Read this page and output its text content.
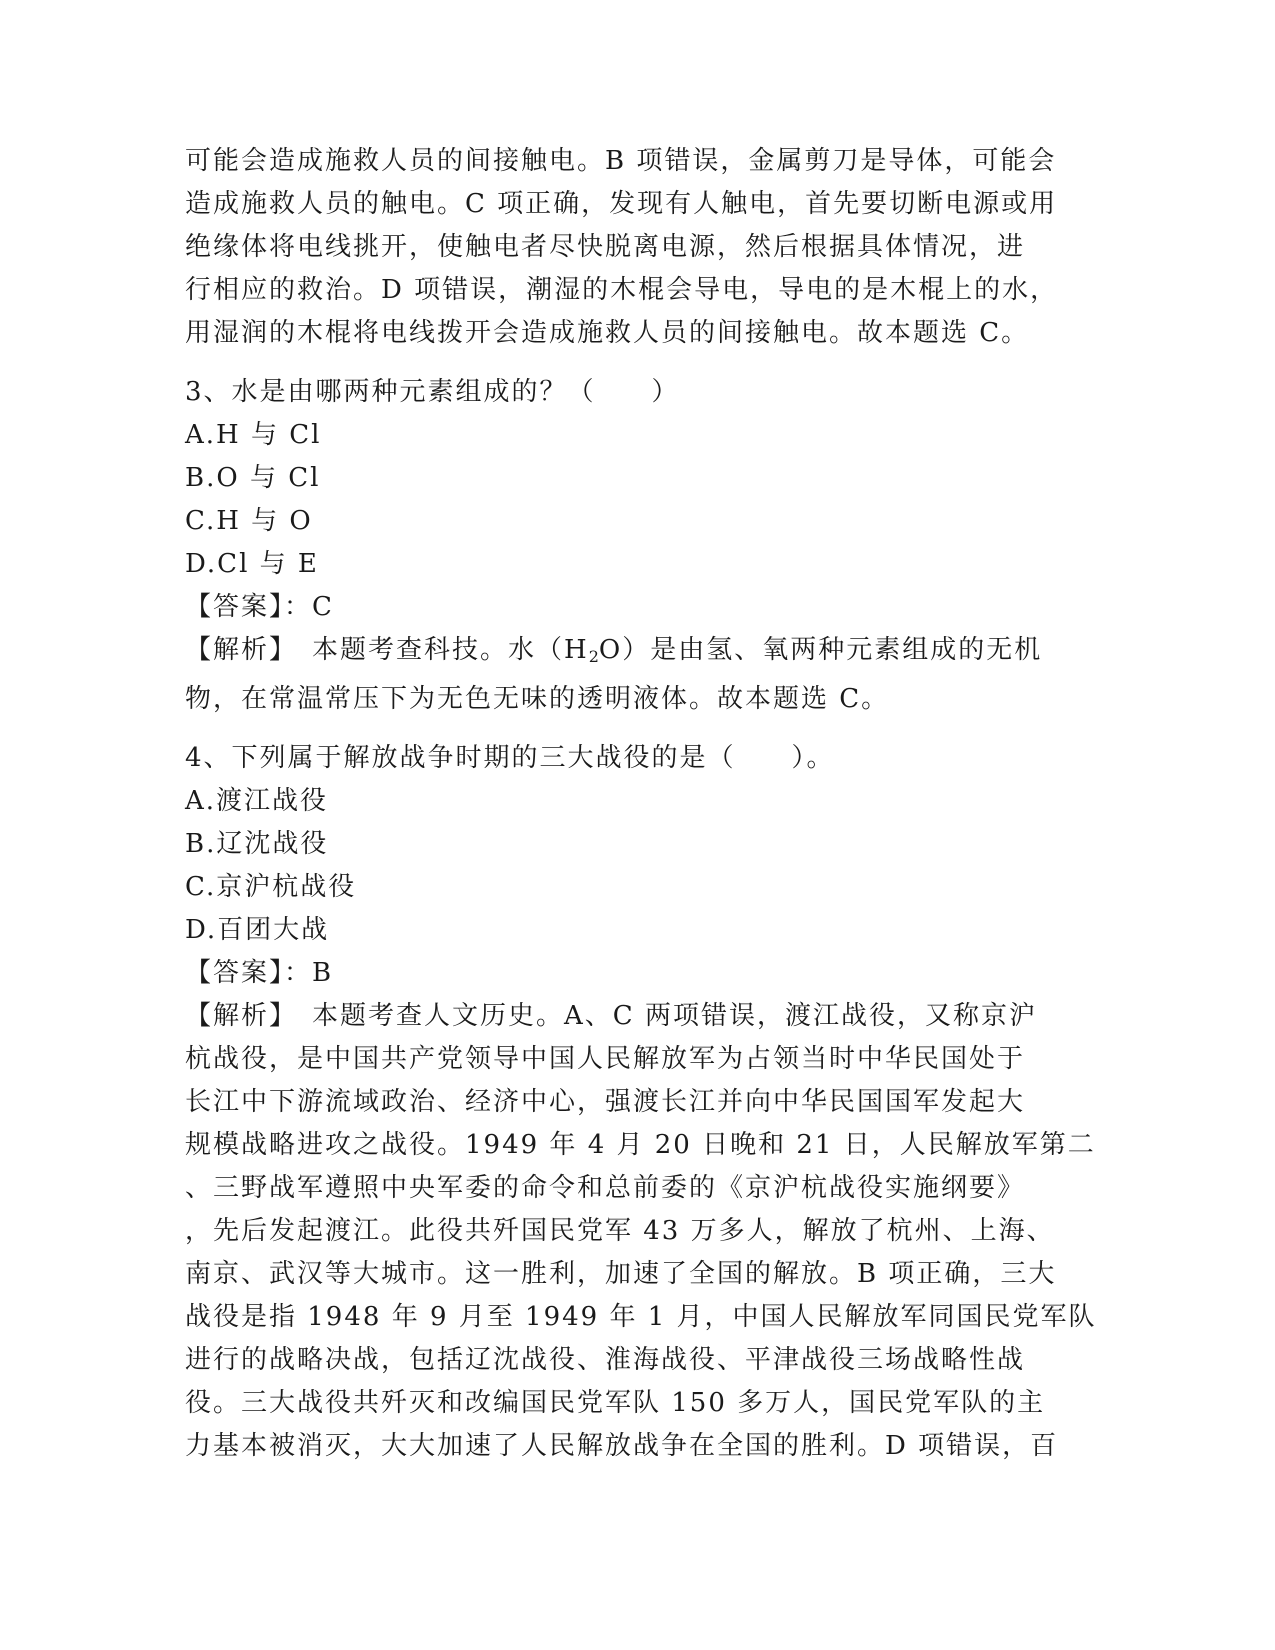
可能会造成施救人员的间接触电。B 项错误，金属剪刀是导体，可能会
造成施救人员的触电。C 项正确，发现有人触电，首先要切断电源或用
绝缘体将电线挑开，使触电者尽快脱离电源，然后根据具体情况，进
行相应的救治。D 项错误，潮湿的木棍会导电，导电的是木棍上的水，
用湿润的木棍将电线拨开会造成施救人员的间接触电。故本题选 C。

3、水是由哪两种元素组成的？（　　）

A.H 与 Cl

B.O 与 Cl

C.H 与 O

D.Cl 与 E

【答案】：C

【解析】　本题考查科技。水$(H_2O)$是由氢、氧两种元素组成的无机
物，在常温常压下为无色无味的透明液体。故本题选 C。

4、下列属于解放战争时期的三大战役的是（　　）。

A.渡江战役

B.辽沈战役

C.京沪杭战役

D.百团大战

【答案】：B

【解析】　本题考查人文历史。A、C 两项错误，渡江战役，又称京沪
杭战役，是中国共产党领导中国人民解放军为占领当时中华民国处于
长江中下游流域政治、经济中心，强渡长江并向中华民国国军发起大
规模战略进攻之战役。1949 年 4 月 20 日晚和 21 日，人民解放军第二
、三野战军遵照中央军委的命令和总前委的《京沪杭战役实施纲要》
，先后发起渡江。此役共歼国民党军 43 万多人，解放了杭州、上海、
南京、武汉等大城市。这一胜利，加速了全国的解放。B 项正确，三大
战役是指 1948 年 9 月至 1949 年 1 月，中国人民解放军同国民党军队
进行的战略决战，包括辽沈战役、淮海战役、平津战役三场战略性战
役。三大战役共歼灭和改编国民党军队 150 多万人，国民党军队的主
力基本被消灭，大大加速了人民解放战争在全国的胜利。D 项错误，百
